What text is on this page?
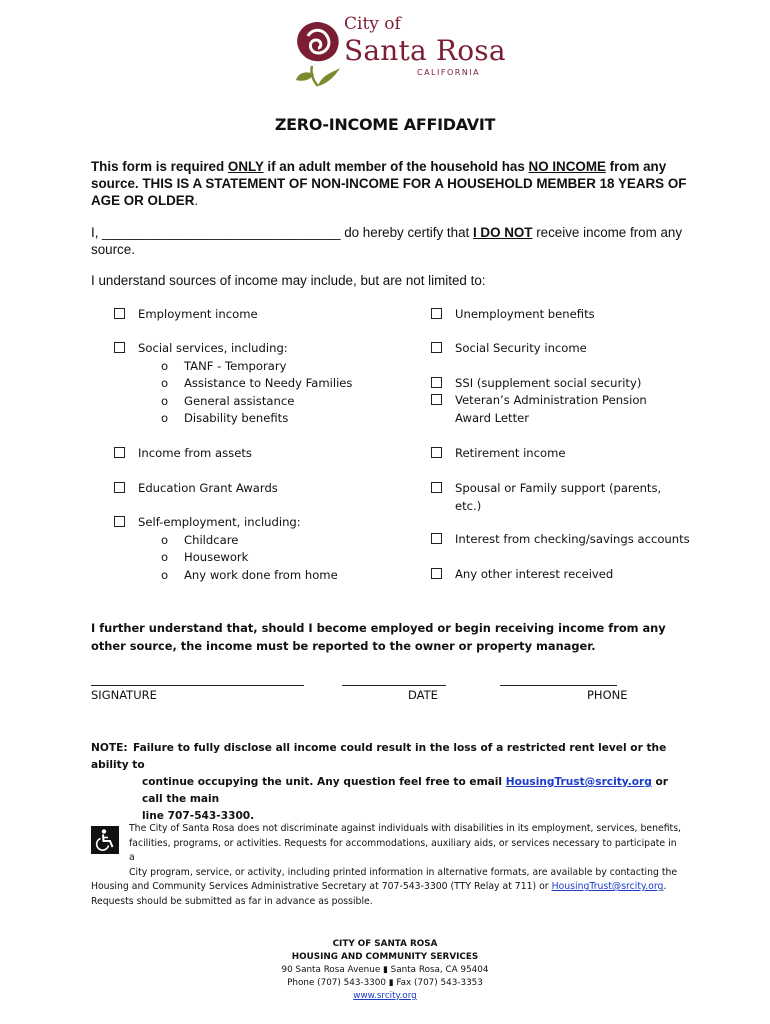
City of
Santa Rosa
CALIFORNIA
ZERO-INCOME AFFIDAVIT
This form is required ONLY if an adult member of the household has NO INCOME from any source. THIS IS A STATEMENT OF NON-INCOME FOR A HOUSEHOLD MEMBER 18 YEARS OF AGE OR OLDER.
I, ________________________________ do hereby certify that I DO NOT receive income from any source.
I understand sources of income may include, but are not limited to:
Employment income
Social services, including:
o TANF - Temporary
o Assistance to Needy Families
o General assistance
o Disability benefits
Income from assets
Education Grant Awards
Self-employment, including:
o Childcare
o Housework
o Any work done from home
Unemployment benefits
Social Security income
SSI (supplement social security)
Veteran’s Administration Pension
Award Letter
Retirement income
Spousal or Family support (parents,
etc.)
Interest from checking/savings accounts
Any other interest received
I further understand that, should I become employed or begin receiving income from any other source, the income must be reported to the owner or property manager.
SIGNATURE	DATE	PHONE
NOTE: Failure to fully disclose all income could result in the loss of a restricted rent level or the ability to
continue occupying the unit. Any question feel free to email HousingTrust@srcity.org or call the main
line 707-543-3300.
The City of Santa Rosa does not discriminate against individuals with disabilities in its employment, services, benefits,
facilities, programs, or activities. Requests for accommodations, auxiliary aids, or services necessary to participate in a
City program, service, or activity, including printed information in alternative formats, are available by contacting the
Housing and Community Services Administrative Secretary at 707-543-3300 (TTY Relay at 711) or HousingTrust@srcity.org.
Requests should be submitted as far in advance as possible.
CITY OF SANTA ROSA
HOUSING AND COMMUNITY SERVICES
90 Santa Rosa Avenue ▮ Santa Rosa, CA 95404
Phone (707) 543-3300 ▮ Fax (707) 543-3353
www.srcity.org
